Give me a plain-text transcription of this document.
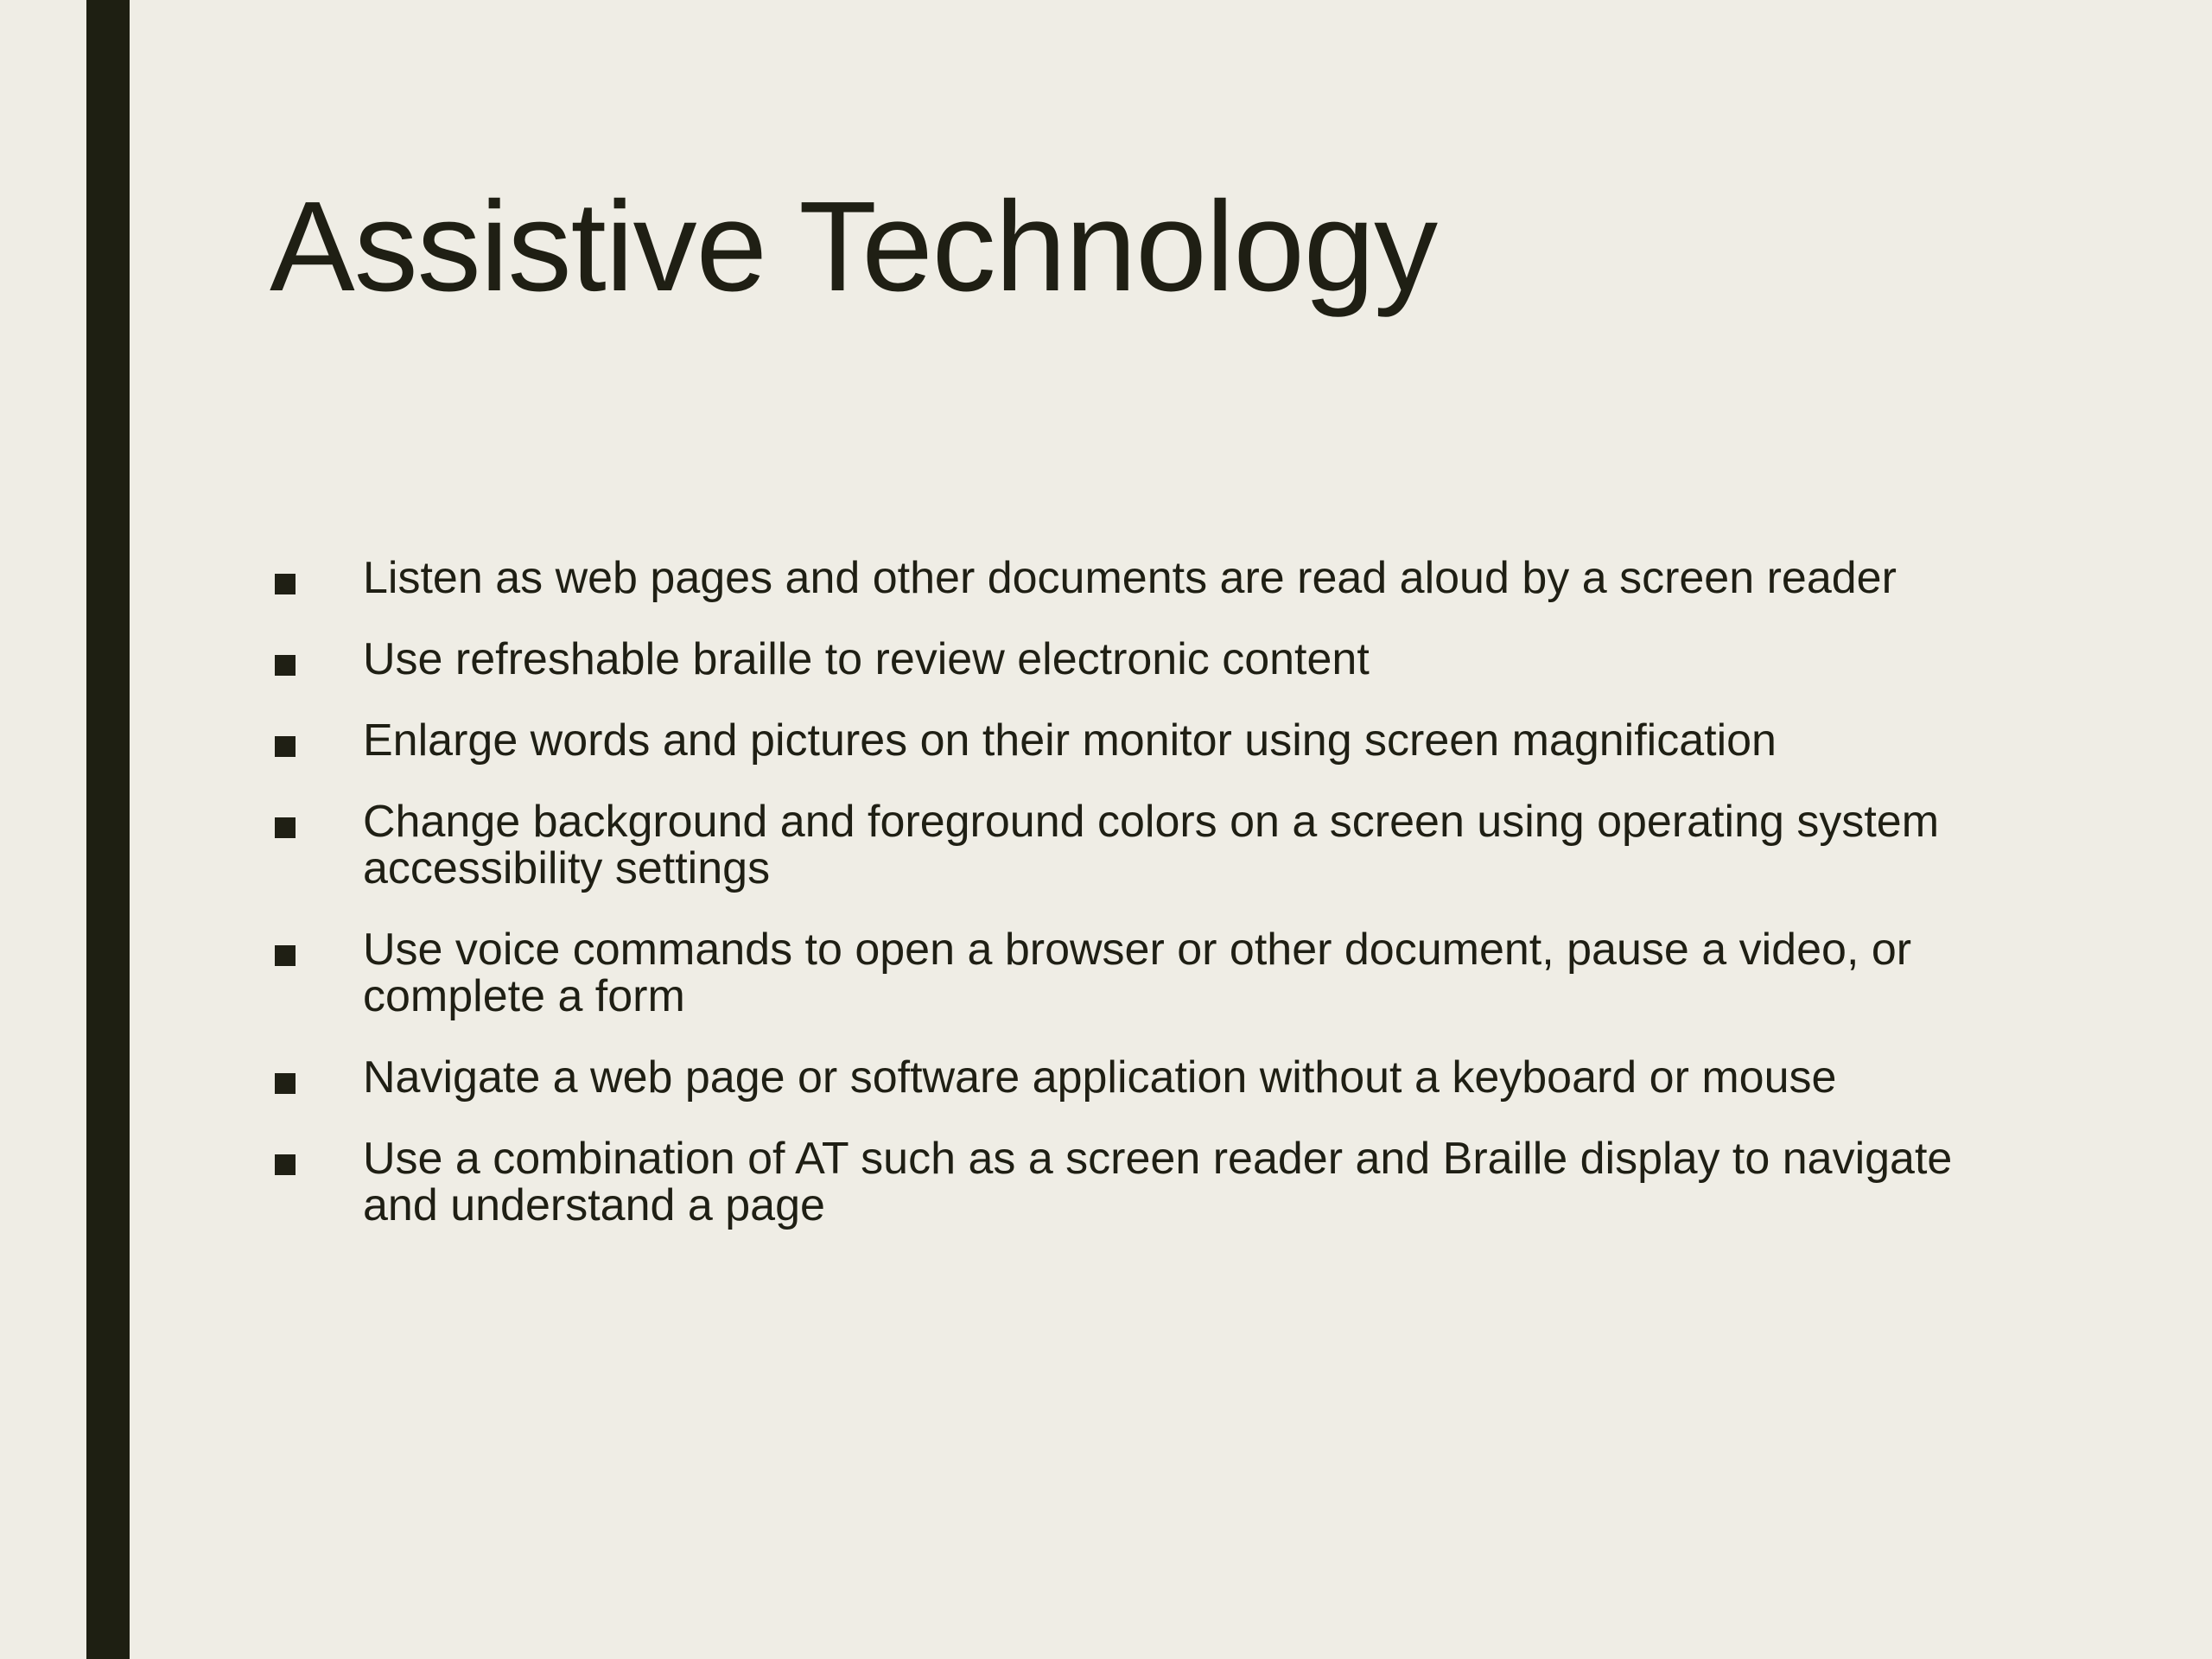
Assistive Technology
Listen as web pages and other documents are read aloud by a screen reader
Use refreshable braille to review electronic content
Enlarge words and pictures on their monitor using screen magnification
Change background and foreground colors on a screen using operating system accessibility settings
Use voice commands to open a browser or other document, pause a video, or complete a form
Navigate a web page or software application without a keyboard or mouse
Use a combination of AT such as a screen reader and Braille display to navigate and understand a page
